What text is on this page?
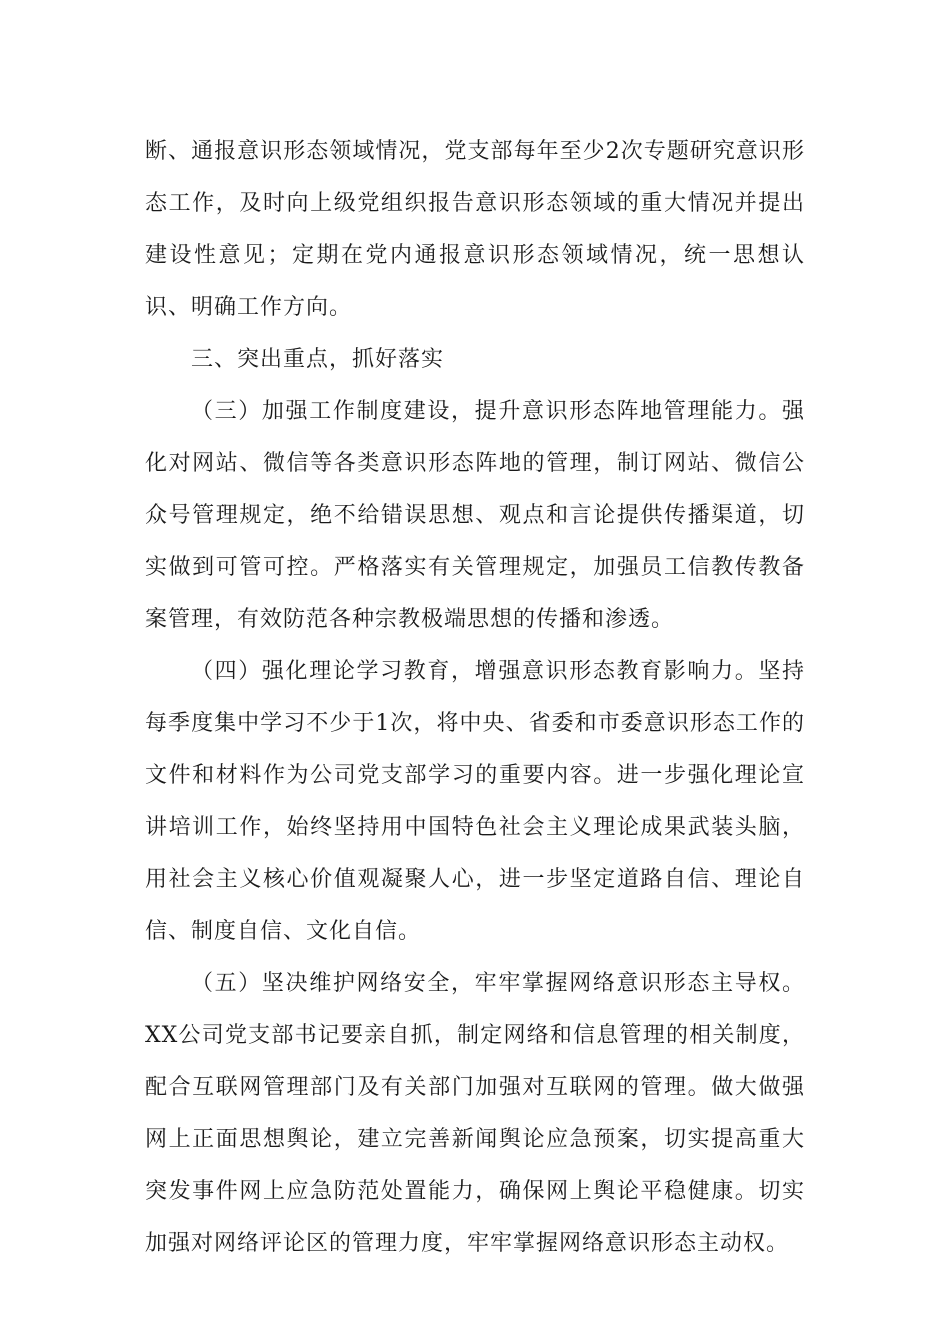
断、通报意识形态领域情况，党支部每年至少2次专题研究意识形态工作，及时向上级党组织报告意识形态领域的重大情况并提出建设性意见；定期在党内通报意识形态领域情况，统一思想认识、明确工作方向。

三、突出重点，抓好落实

（三）加强工作制度建设，提升意识形态阵地管理能力。强化对网站、微信等各类意识形态阵地的管理，制订网站、微信公众号管理规定，绝不给错误思想、观点和言论提供传播渠道，切实做到可管可控。严格落实有关管理规定，加强员工信教传教备案管理，有效防范各种宗教极端思想的传播和渗透。

（四）强化理论学习教育，增强意识形态教育影响力。坚持每季度集中学习不少于1次，将中央、省委和市委意识形态工作的文件和材料作为公司党支部学习的重要内容。进一步强化理论宣讲培训工作，始终坚持用中国特色社会主义理论成果武装头脑，用社会主义核心价值观凝聚人心，进一步坚定道路自信、理论自信、制度自信、文化自信。

（五）坚决维护网络安全，牢牢掌握网络意识形态主导权。XX公司党支部书记要亲自抓，制定网络和信息管理的相关制度，配合互联网管理部门及有关部门加强对互联网的管理。做大做强网上正面思想舆论，建立完善新闻舆论应急预案，切实提高重大突发事件网上应急防范处置能力，确保网上舆论平稳健康。切实加强对网络评论区的管理力度，牢牢掌握网络意识形态主动权。
